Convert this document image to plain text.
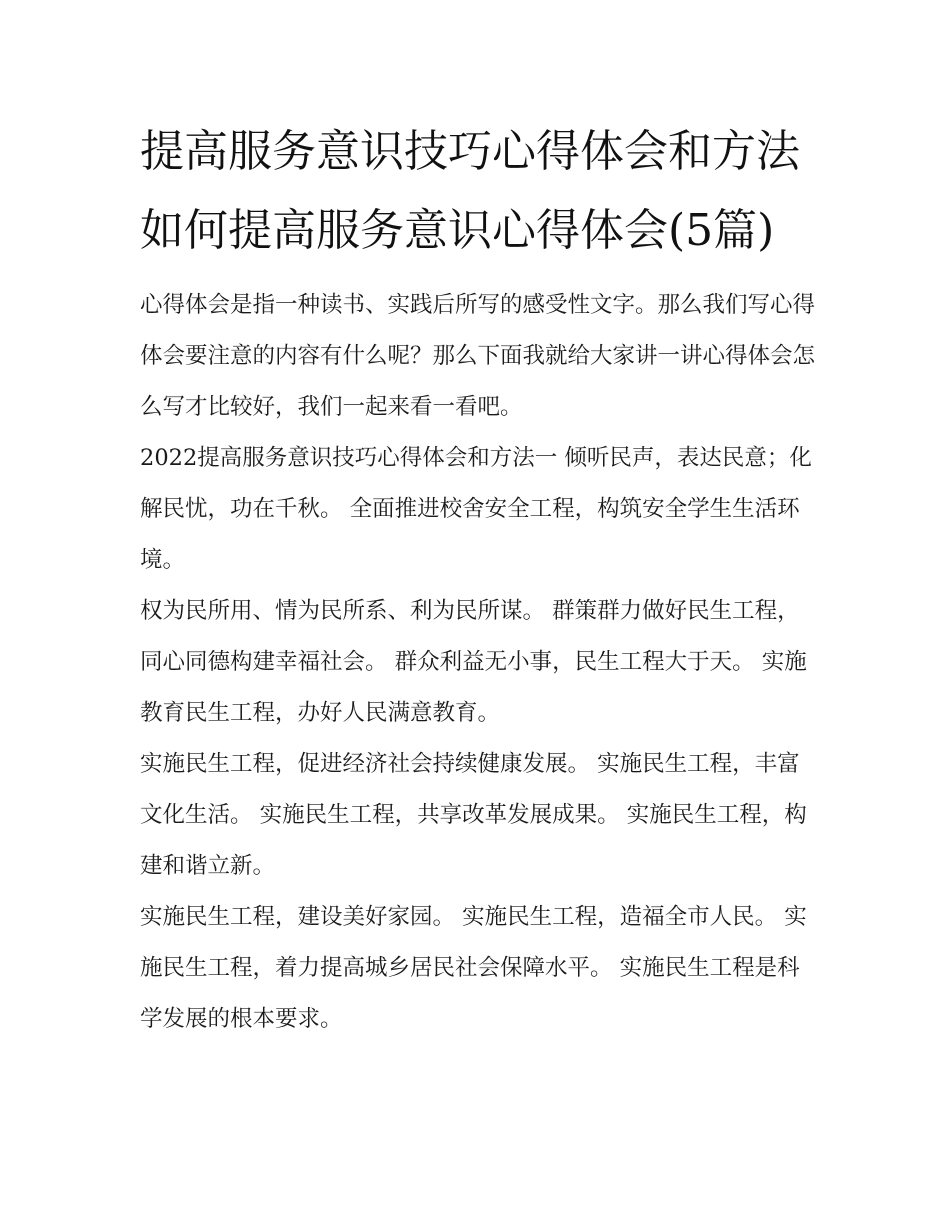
提高服务意识技巧心得体会和方法 如何提高服务意识心得体会(5篇)

心得体会是指一种读书、实践后所写的感受性文字。那么我们写心得体会要注意的内容有什么呢？那么下面我就给大家讲一讲心得体会怎么写才比较好，我们一起来看一看吧。

2022提高服务意识技巧心得体会和方法一 倾听民声，表达民意；化解民忧，功在千秋。 全面推进校舍安全工程，构筑安全学生生活环境。

权为民所用、情为民所系、利为民所谋。 群策群力做好民生工程，同心同德构建幸福社会。 群众利益无小事，民生工程大于天。 实施教育民生工程，办好人民满意教育。

实施民生工程，促进经济社会持续健康发展。 实施民生工程，丰富文化生活。 实施民生工程，共享改革发展成果。 实施民生工程，构建和谐立新。

实施民生工程，建设美好家园。 实施民生工程，造福全市人民。 实施民生工程，着力提高城乡居民社会保障水平。 实施民生工程是科学发展的根本要求。
